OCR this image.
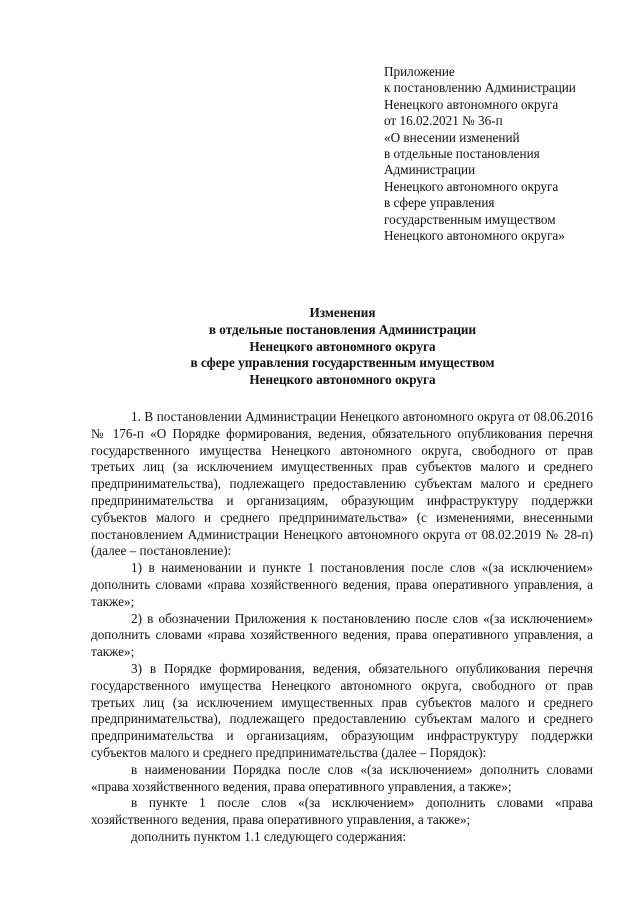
Приложение
к постановлению Администрации
Ненецкого автономного округа
от 16.02.2021 № 36-п
«О внесении изменений
в отдельные постановления
Администрации
Ненецкого автономного округа
в сфере управления
государственным имуществом
Ненецкого автономного округа»
Изменения
в отдельные постановления Администрации
Ненецкого автономного округа
в сфере управления государственным имуществом
Ненецкого автономного округа

1. В постановлении Администрации Ненецкого автономного округа от 08.06.2016 № 176-п «О Порядке формирования, ведения, обязательного опубликования перечня государственного имущества Ненецкого автономного округа, свободного от прав третьих лиц (за исключением имущественных прав субъектов малого и среднего предпринимательства), подлежащего предоставлению субъектам малого и среднего предпринимательства и организациям, образующим инфраструктуру поддержки субъектов малого и среднего предпринимательства» (с изменениями, внесенными постановлением Администрации Ненецкого автономного округа от 08.02.2019 № 28-п) (далее – постановление):

1) в наименовании и пункте 1 постановления после слов «(за исключением» дополнить словами «права хозяйственного ведения, права оперативного управления, а также»;

2) в обозначении Приложения к постановлению после слов «(за исключением» дополнить словами «права хозяйственного ведения, права оперативного управления, а также»;

3) в Порядке формирования, ведения, обязательного опубликования перечня государственного имущества Ненецкого автономного округа, свободного от прав третьих лиц (за исключением имущественных прав субъектов малого и среднего предпринимательства), подлежащего предоставлению субъектам малого и среднего предпринимательства и организациям, образующим инфраструктуру поддержки субъектов малого и среднего предпринимательства (далее – Порядок):

в наименовании Порядка после слов «(за исключением» дополнить словами «права хозяйственного ведения, права оперативного управления, а также»;

в пункте 1 после слов «(за исключением» дополнить словами «права хозяйственного ведения, права оперативного управления, а также»;

дополнить пунктом 1.1 следующего содержания:
